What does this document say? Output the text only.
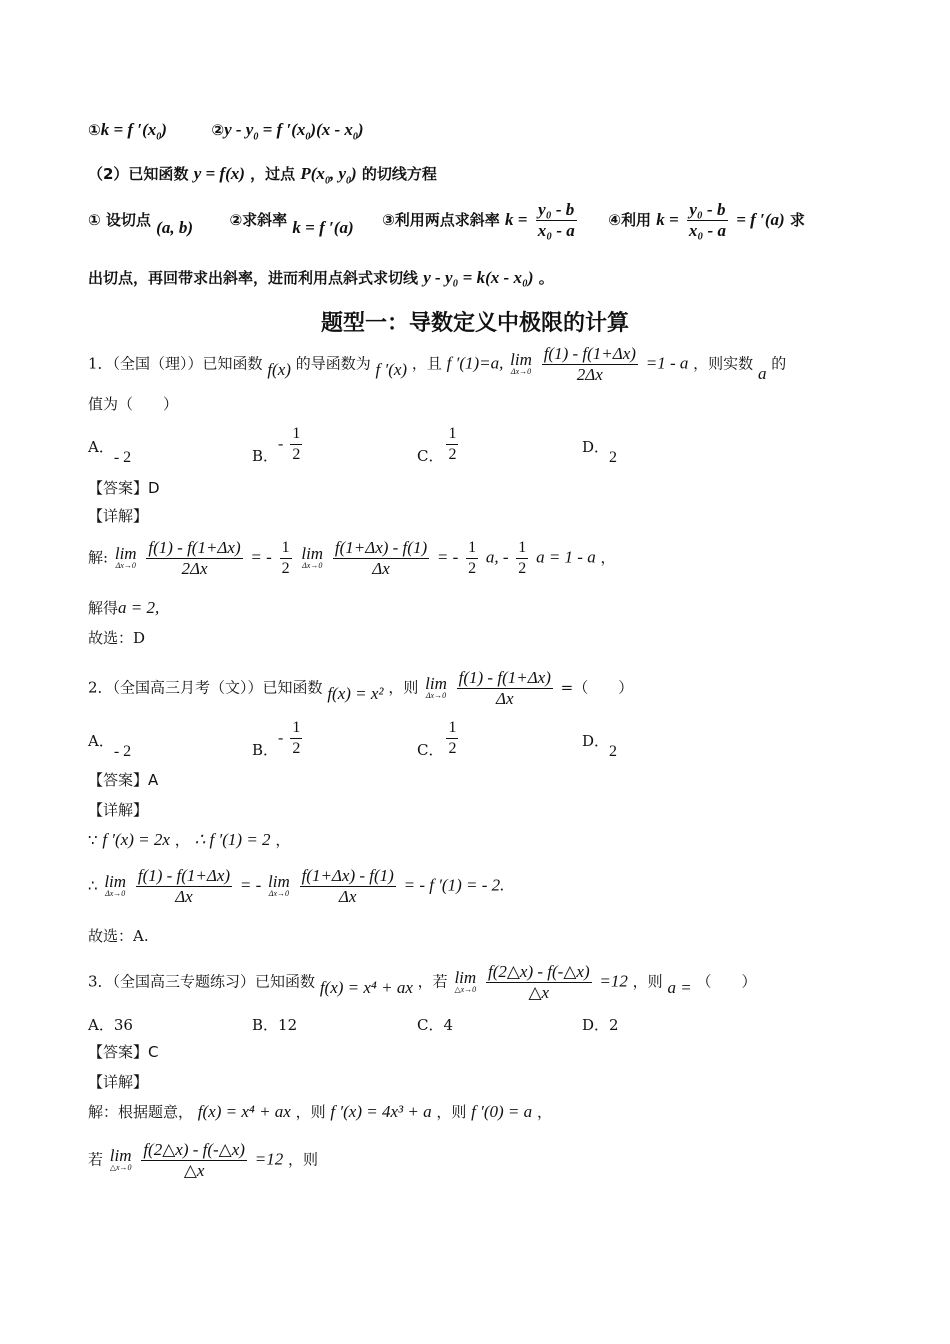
①k = f $'(x_0)$	②y - $y_0 = f$ $'(x_0)(x - x_0)$
（2）已知函数 y = f(x) ，过点 $P(x_0$, $y_0$) 的切线方程
① 设切点 (a, b) ②求斜率 k = f ′(a) ③利用两点求斜率 $k = \frac{\text{y₀ - b}}{\text{x₀ - a}}$ ④利用 $k = \frac{\text{y₀ - b}}{\text{x₀ - a}} = f$ ′(a) 求
出切点，再回带求出斜率，进而利用点斜式求切线 y - y₀ = k(x - x₀) 。
题型一：导数定义中极限的计算
1．（全国（理））已知函数 f(x) 的导函数为 f ′(x) ，且 f ′(1)=a, lim
Δx→0
$\frac{f(1) - f(1+\Delta x)}{2\Delta x} =1 - a$ ，则实数 a 的
值为（　　）
A．- 2	B．- $\frac{1}{2}$	C． $\frac{1}{2}$	D．2
【答案】D
【详解】
解: lim
Δx→0
$\frac{f(1) - f(1+\Delta x)}{2\Delta x}$ = - $\frac{1}{2}$
lim
Δx→0
$\frac{f(1+\Delta x) - f(1)}{\Delta x}$ = - $\frac{1}{2} a$, - $\frac{1}{2}$ a = 1 - a ，
解得a = 2,
故选：D
2．（全国高三月考（文））已知函数 f(x) = x² ，则 lim
Δx→0
$\frac{f(1) - f(1+\Delta x)}{\Delta x}$ =（　　）
A．- 2	B．- $\frac{1}{2}$	C． $\frac{1}{2}$	D．2
【答案】A
【详解】
∵ f ′(x) = 2x ， ∴ f ′(1) = 2 ，
∴ lim
Δx→0
$\frac{f(1) - f(1+\Delta x)}{\Delta x}$ = - lim
Δx→0
$\frac{f(1+\Delta x) - f(1)}{\Delta x}$ = - f ′(1) = - 2.
故选：A.
3．（全国高三专题练习）已知函数 f(x) = x⁴ + ax ，若 lim
△x→0
$\frac{f(2\triangle x) - f(-\triangle x)}{\triangle x} =12$ ，则 a = （　　）
A．36	B．12	C．4	D．2
【答案】C
【详解】
解：根据题意， f(x) = x⁴ + ax ，则 f ′(x) = 4x³ + a ，则 f ′(0) = a ，
若 lim
△x→0
$\frac{f(2\triangle x) - f(-\triangle x)}{\triangle x} =12$ ，则
